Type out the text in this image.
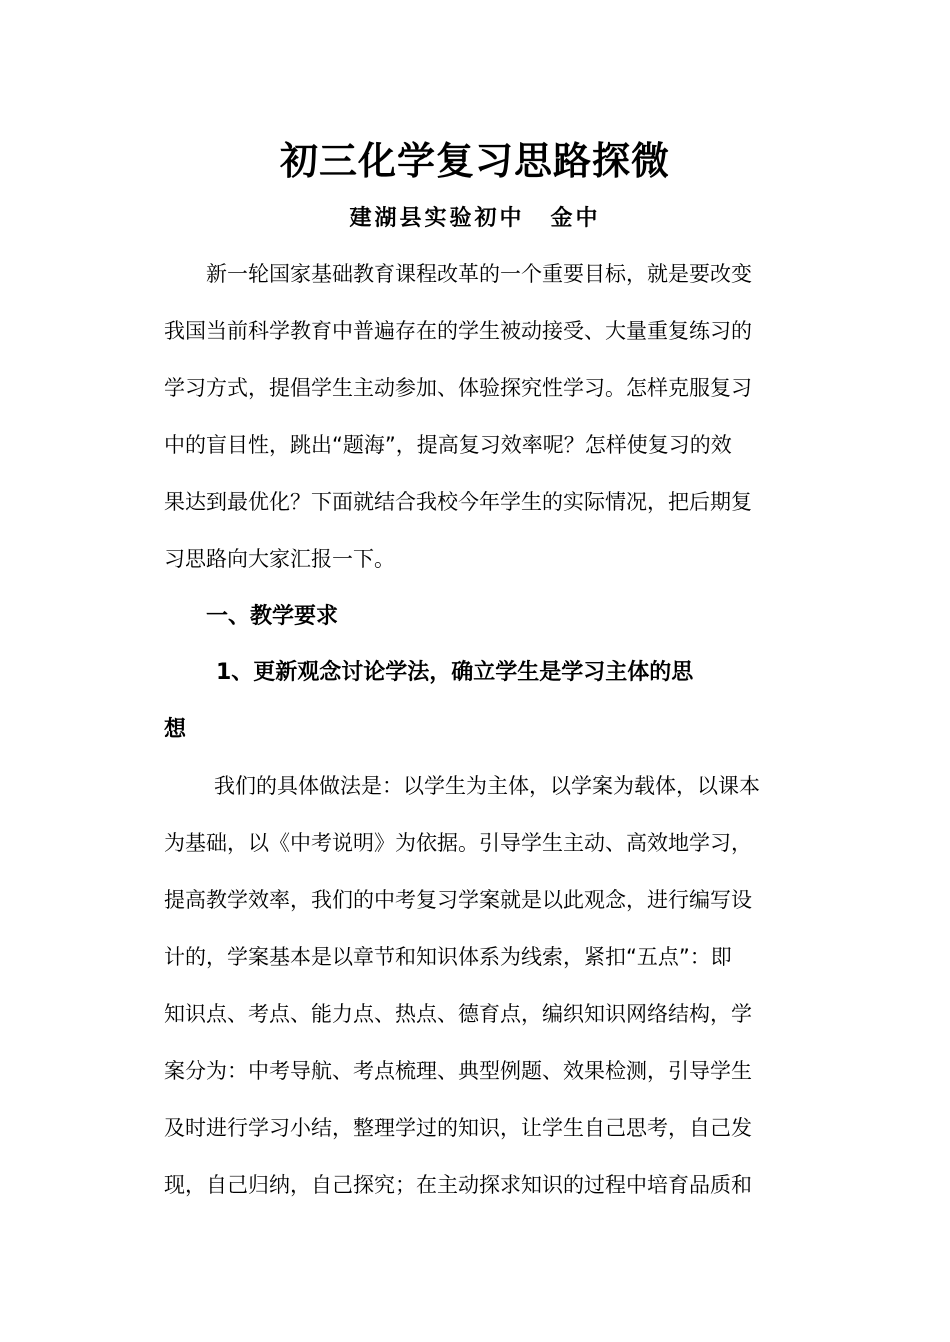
初三化学复习思路探微
建湖县实验初中 金中
新一轮国家基础教育课程改革的一个重要目标，就是要改变
我国当前科学教育中普遍存在的学生被动接受、大量重复练习的
学习方式，提倡学生主动参加、体验探究性学习。怎样克服复习
中的盲目性，跳出“题海”，提高复习效率呢？怎样使复习的效
果达到最优化？下面就结合我校今年学生的实际情况，把后期复
习思路向大家汇报一下。
一、教学要求
1、更新观念讨论学法，确立学生是学习主体的思
想
我们的具体做法是：以学生为主体，以学案为载体，以课本
为基础，以《中考说明》为依据。引导学生主动、高效地学习，
提高教学效率，我们的中考复习学案就是以此观念，进行编写设
计的，学案基本是以章节和知识体系为线索，紧扣“五点”：即
知识点、考点、能力点、热点、德育点，编织知识网络结构，学
案分为：中考导航、考点梳理、典型例题、效果检测，引导学生
及时进行学习小结，整理学过的知识，让学生自己思考，自己发
现，自己归纳，自己探究；在主动探求知识的过程中培育品质和
